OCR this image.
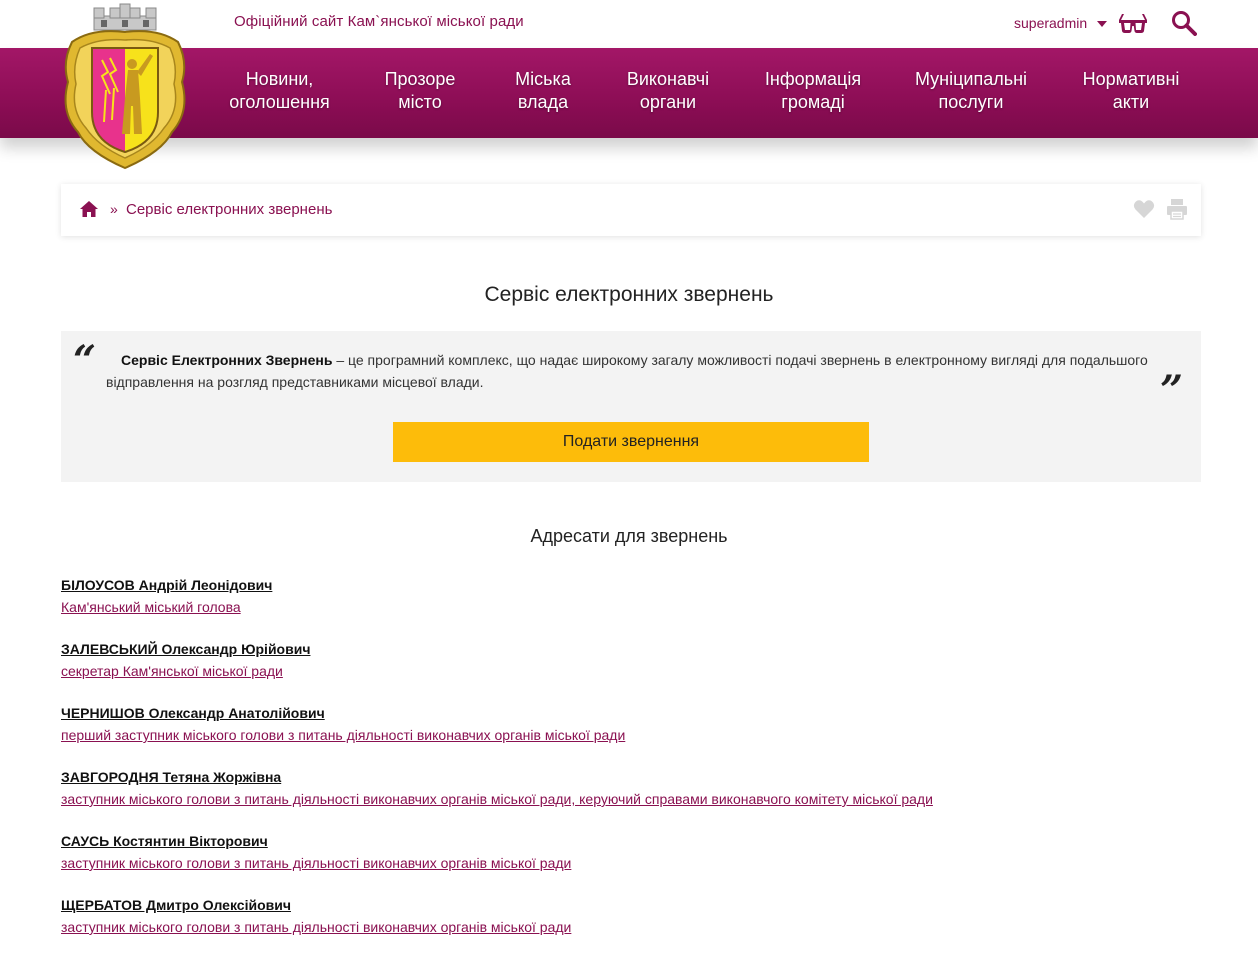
Офіційний сайт Кам`янської міської ради	superadmin
Новини,
оголошення
Прозоре
місто
Міська
влада
Виконавчі
органи
Інформація
громаді
Муніципальні
послуги
Нормативні
акти
» Сервіс електронних звернень
Сервіс електронних звернень
“	Сервіс Електронних Звернень – це програмний комплекс, що надає широкому загалу можливості подачі звернень в електронному вигляді для подальшого відправлення на розгляд представниками місцевої влади.	”
Подати звернення
Адресати для звернень
БІЛОУСОВ Андрій Леонідович
Кам'янський міський голова
ЗАЛЕВСЬКИЙ Олександр Юрійович
секретар Кам'янської міської ради
ЧЕРНИШОВ Олександр Анатолійович
перший заступник міського голови з питань діяльності виконавчих органів міської ради
ЗАВГОРОДНЯ Тетяна Жоржівна
заступник міського голови з питань діяльності виконавчих органів міської ради, керуючий справами виконавчого комітету міської ради
САУСЬ Костянтин Вікторович
заступник міського голови з питань діяльності виконавчих органів міської ради
ЩЕРБАТОВ Дмитро Олексійович
заступник міського голови з питань діяльності виконавчих органів міської ради
